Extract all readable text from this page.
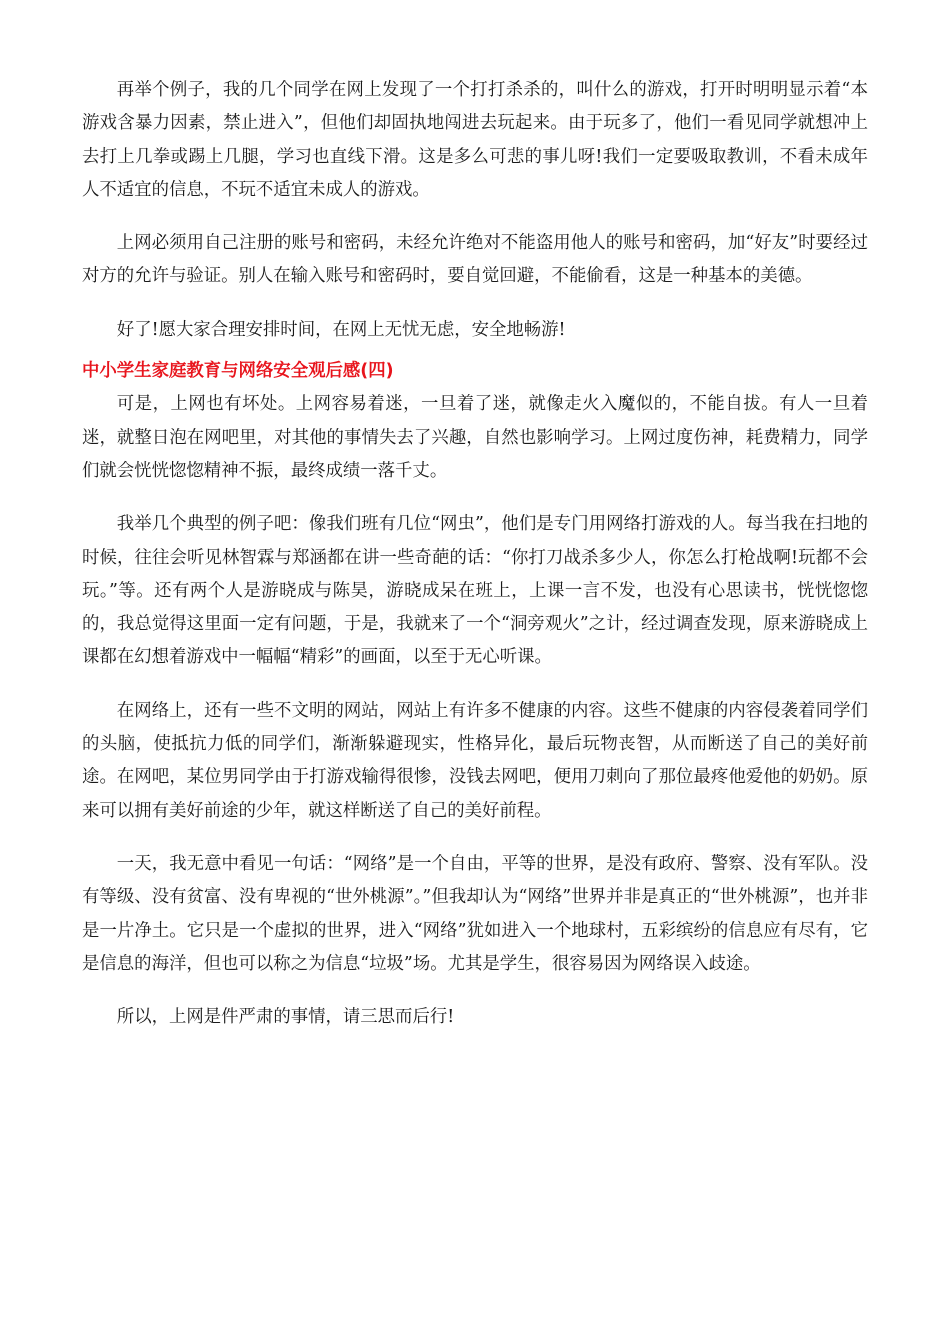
再举个例子，我的几个同学在网上发现了一个打打杀杀的，叫什么的游戏，打开时明明显示着“本游戏含暴力因素，禁止进入”，但他们却固执地闯进去玩起来。由于玩多了，他们一看见同学就想冲上去打上几拳或踢上几腿，学习也直线下滑。这是多么可悲的事儿呀!我们一定要吸取教训，不看未成年人不适宜的信息，不玩不适宜未成人的游戏。

上网必须用自己注册的账号和密码，未经允许绝对不能盗用他人的账号和密码，加“好友”时要经过对方的允许与验证。别人在输入账号和密码时，要自觉回避，不能偷看，这是一种基本的美德。

好了!愿大家合理安排时间，在网上无忧无虑，安全地畅游!

中小学生家庭教育与网络安全观后感(四)

可是，上网也有坏处。上网容易着迷，一旦着了迷，就像走火入魔似的，不能自拔。有人一旦着迷，就整日泡在网吧里，对其他的事情失去了兴趣，自然也影响学习。上网过度伤神，耗费精力，同学们就会恍恍惚惚精神不振，最终成绩一落千丈。

我举几个典型的例子吧：像我们班有几位“网虫”，他们是专门用网络打游戏的人。每当我在扫地的时候，往往会听见林智霖与郑涵都在讲一些奇葩的话：“你打刀战杀多少人，你怎么打枪战啊!玩都不会玩。”等。还有两个人是游晓成与陈昊，游晓成呆在班上，上课一言不发，也没有心思读书，恍恍惚惚的，我总觉得这里面一定有问题，于是，我就来了一个“洞旁观火”之计，经过调查发现，原来游晓成上课都在幻想着游戏中一幅幅“精彩”的画面，以至于无心听课。

在网络上，还有一些不文明的网站，网站上有许多不健康的内容。这些不健康的内容侵袭着同学们的头脑，使抵抗力低的同学们，渐渐躲避现实，性格异化，最后玩物丧智，从而断送了自己的美好前途。在网吧，某位男同学由于打游戏输得很惨，没钱去网吧，便用刀刺向了那位最疼他爱他的奶奶。原来可以拥有美好前途的少年，就这样断送了自己的美好前程。

一天，我无意中看见一句话：“网络”是一个自由，平等的世界，是没有政府、警察、没有军队。没有等级、没有贫富、没有卑视的“世外桃源”。”但我却认为“网络”世界并非是真正的“世外桃源”，也并非是一片净土。它只是一个虚拟的世界，进入“网络”犹如进入一个地球村，五彩缤纷的信息应有尽有，它是信息的海洋，但也可以称之为信息“垃圾”场。尤其是学生，很容易因为网络误入歧途。

所以，上网是件严肃的事情，请三思而后行!
